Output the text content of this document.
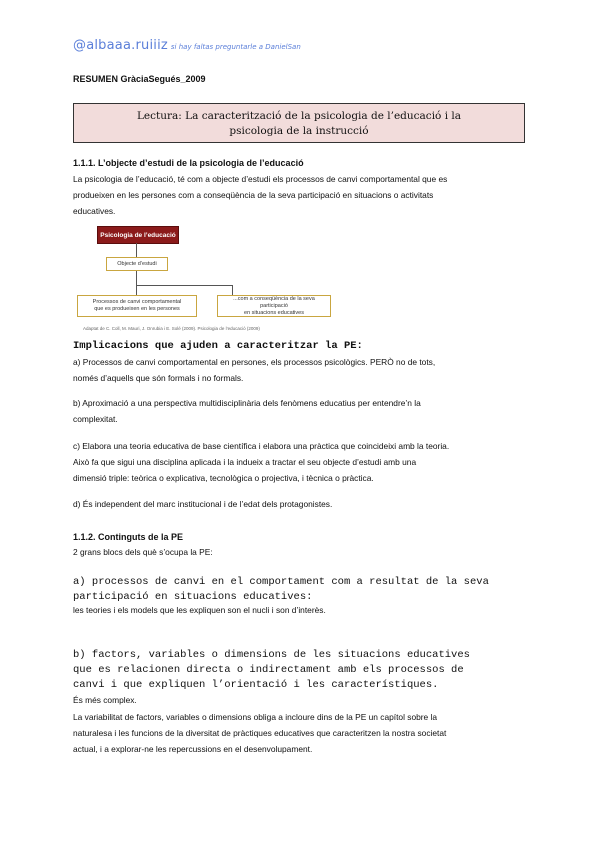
@albaaa.ruiiiz si hay faltas preguntarle a DanielSan
RESUMEN GràciaSegués_2009
Lectura: La caracterització de la psicologia de l’educació i la
psicologia de la instrucció
1.1.1. L’objecte d’estudi de la psicologia de l’educació
La psicologia de l’educació, té com a objecte d’estudi els processos de canvi comportamental que es
produeixen en les persones com a conseqüència de la seva participació en situacions o activitats
educatives.
Psicologia de l’educació
Objecte d’estudi
Processos de canvi comportamental
que es produeixen en les persones
...com a conseqüència de la seva participació
en situacions educatives
Adaptat de C. Coll, M. Mauri, J. Onrubia i E. Solé (2009). Psicologia de l’educació (2009)
Implicacions que ajuden a caracteritzar la PE:
a) Processos de canvi comportamental en persones, els processos psicològics. PERÒ no de tots,
només d’aquells que són formals i no formals.
b) Aproximació a una perspectiva multidisciplinària dels fenòmens educatius per entendre’n la
complexitat.
c) Elabora una teoria educativa de base científica i elabora una pràctica que coincideixi amb la teoria.
Això fa que sigui una disciplina aplicada i la indueix a tractar el seu objecte d’estudi amb una
dimensió triple: teòrica o explicativa, tecnològica o projectiva, i tècnica o pràctica.
d) És independent del marc institucional i de l’edat dels protagonistes.
1.1.2. Continguts de la PE
2 grans blocs dels què s’ocupa la PE:
a) processos de canvi en el comportament com a resultat de la seva
participació en situacions educatives:
les teories i els models que les expliquen son el nucli i son d’interès.
b) factors, variables o dimensions de les situacions educatives
que es relacionen directa o indirectament amb els processos de
canvi i que expliquen l’orientació i les característiques.
És més complex.
La variabilitat de factors, variables o dimensions obliga a incloure dins de la PE un capítol sobre la
naturalesa i les funcions de la diversitat de pràctiques educatives que caracteritzen la nostra societat
actual, i a explorar-ne les repercussions en el desenvolupament.
